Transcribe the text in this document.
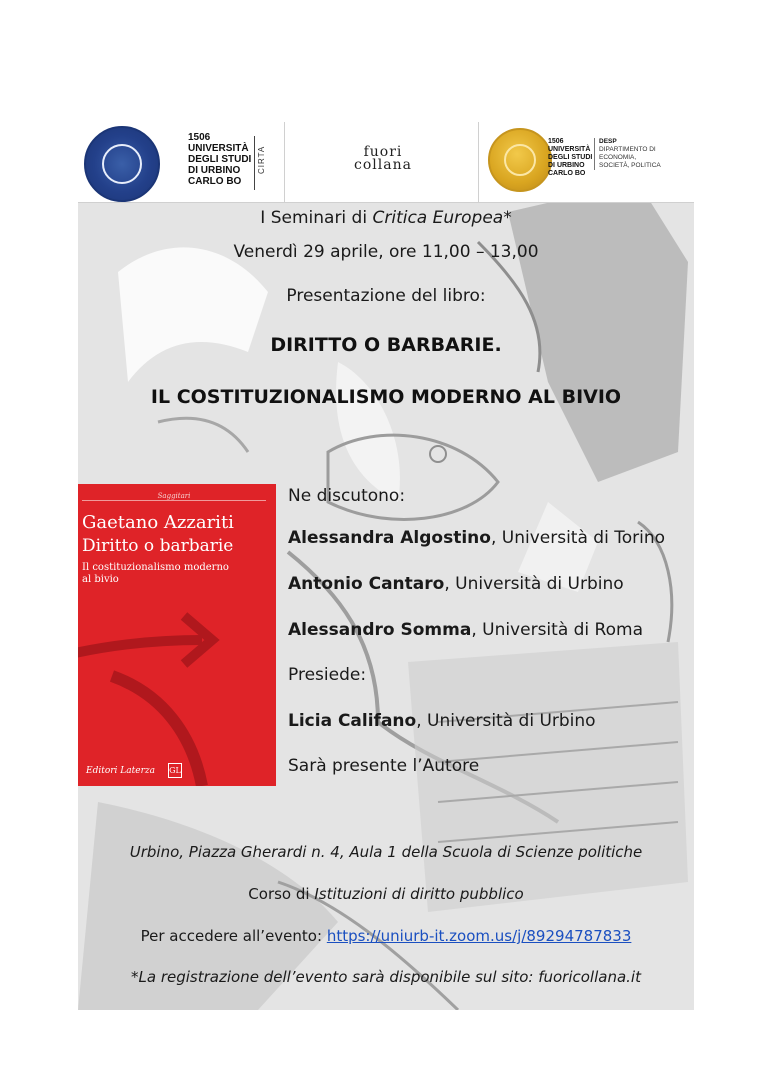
1506
UNIVERSITÀ
DEGLI STUDI
DI URBINO
CARLO BO
CIRTA	fuori
collana
1506
UNIVERSITÀ
DEGLI STUDI
DI URBINO
CARLO BO
DESP
DIPARTIMENTO DI
ECONOMIA,
SOCIETÀ, POLITICA
I Seminari di Critica Europea*
Venerdì 29 aprile, ore 11,00 – 13,00
Presentazione del libro:
DIRITTO O BARBARIE.
IL COSTITUZIONALISMO MODERNO AL BIVIO
Saggitari
Gaetano Azzariti
Diritto o barbarie
Il costituzionalismo moderno
al bivio
Editori Laterza GL
Ne discutono:
Alessandra Algostino, Università di Torino
Antonio Cantaro, Università di Urbino
Alessandro Somma, Università di Roma
Presiede:
Licia Califano, Università di Urbino
Sarà presente l’Autore
Urbino, Piazza Gherardi n. 4, Aula 1 della Scuola di Scienze politiche
Corso di Istituzioni di diritto pubblico
Per accedere all’evento: https://uniurb-it.zoom.us/j/89294787833
*La registrazione dell’evento sarà disponibile sul sito: fuoricollana.it
